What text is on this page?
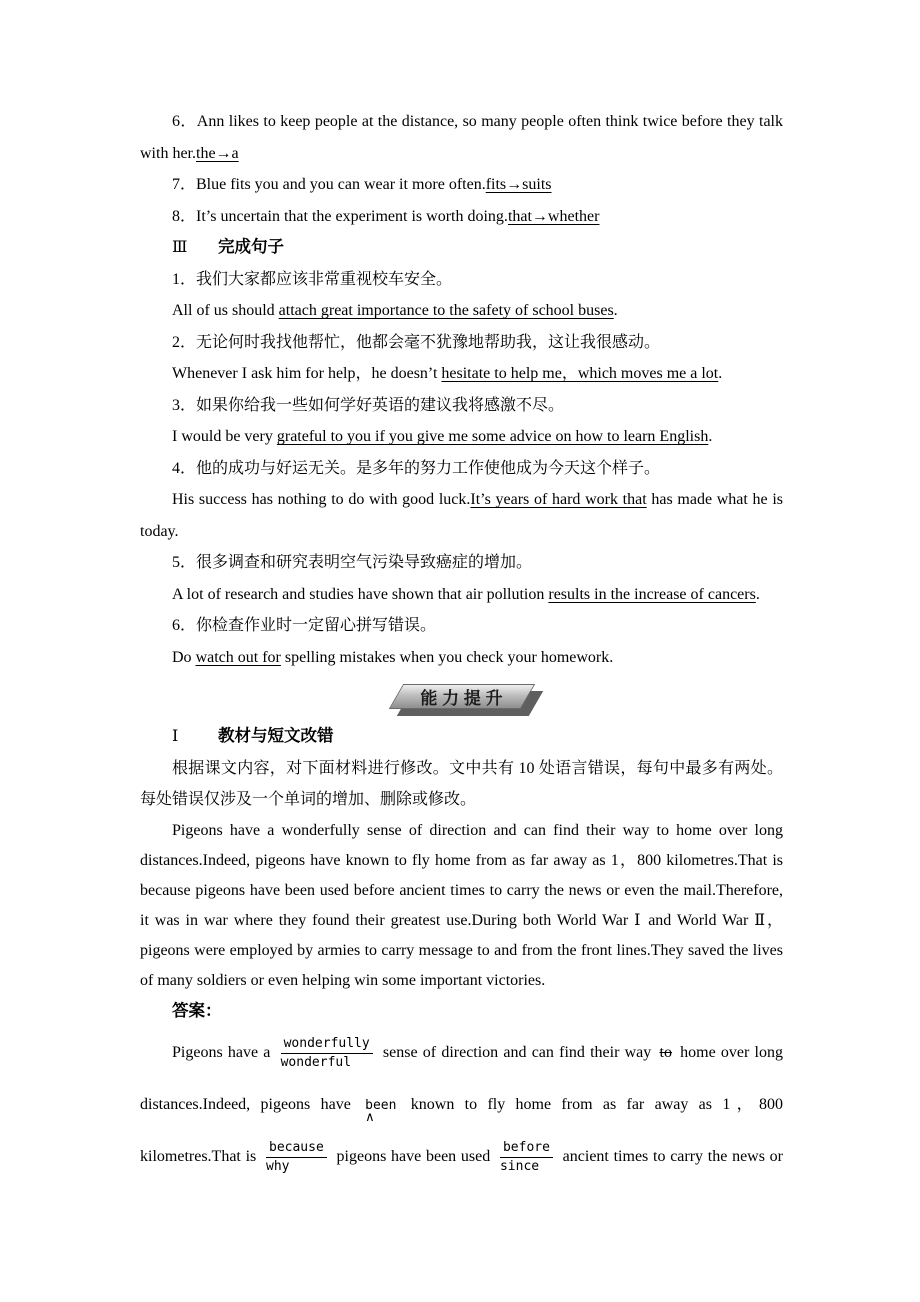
6．Ann likes to keep people at the distance, so many people often think twice before they talk with her.the→a

7．Blue fits you and you can wear it more often.fits→suits

8．It’s uncertain that the experiment is worth doing.that→whether

Ⅲ 完成句子

1．我们大家都应该非常重视校车安全。

All of us should attach great importance to the safety of school buses.

2．无论何时我找他帮忙，他都会毫不犹豫地帮助我，这让我很感动。

Whenever I ask him for help，he doesn’t hesitate to help me，which moves me a lot.

3．如果你给我一些如何学好英语的建议我将感激不尽。

I would be very grateful to you if you give me some advice on how to learn English.

4．他的成功与好运无关。是多年的努力工作使他成为今天这个样子。

His success has nothing to do with good luck.It’s years of hard work that has made what he is today.

5．很多调查和研究表明空气污染导致癌症的增加。

A lot of research and studies have shown that air pollution results in the increase of cancers.

6．你检查作业时一定留心拼写错误。

Do watch out for spelling mistakes when you check your homework.

能 力 提 升

Ⅰ 教材与短文改错

根据课文内容，对下面材料进行修改。文中共有 10 处语言错误，每句中最多有两处。每处错误仅涉及一个单词的增加、删除或修改。

Pigeons have a wonderfully sense of direction and can find their way to home over long distances.Indeed, pigeons have known to fly home from as far away as 1，800 kilometres.That is because pigeons have been used before ancient times to carry the news or even the mail.Therefore, it was in war where they found their greatest use.During both World War Ⅰ and World War Ⅱ，pigeons were employed by armies to carry message to and from the front lines.They saved the lives of many soldiers or even helping win some important victories.

答案：

Pigeons have a $\frac{\text{wonderfully}}{\text{wonderful}}$ sense of direction and can find their way to home over long distances.Indeed, pigeons have been
∧
known to fly home from as far away as 1，800 kilometres.That is $\frac{\text{because}}{\text{why}}$ pigeons have been used $\frac{\text{before}}{\text{since}}$ ancient times to carry the news or
